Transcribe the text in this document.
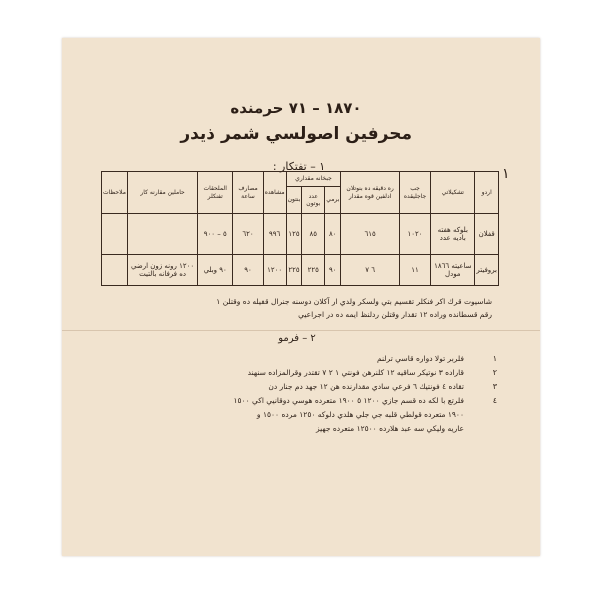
١٨٧٠ – ٧١ حرمنده
محرفين اصولسي شمر ذيدر
١
١ – تفتكار :
اردو	تشكيلاتي	جب جاجليقده	ره دقيقه ده بنوتلان ادلفين قوه مقدار	جبخانه مقداري			مشاهده	مصارف ساعة	الملحقات تفنكلر	حاملين مقارنه كار	ملاحظات
				برمي	عدد بوتون	بنتون					
قفلان	بلوكه هفته باديه عدد	١٠٢٠	٦١٥	٨٠	٨٥	١٢٥	٩٩٦	٦٢٠	٥ – ٩٠٠		
بروفيتر	ساعيته ١٨٦٦ مودل	١١	٦ ٧	٩٠	٢٢٥	٢٢٥	١٢٠٠	٩٠	٩٠ وبلي	١٢٠٠ رونه زون ارضي ده فرفانه بالتيت	
شاسيوت قرك اكر فنكلر تقسيم بتي ولسكر ولدي ار آكلان دوسنه جنرال قفيله ده وقتلن ١
رقم قسطانده وراده ١٢ تقدار وقتلن ردلنظ ايمه ده در اجراعيي
٢ – فرمو
١
فلربر تولا دواره قاسي ترلنم
٢
قاراده ٣ نوتيكر ساقيه ١٢ كلنرهن فونتي ١ ٢ ٧ تقتدر وقرالمزاده سنهند
٣
تقاده ٤ فونتيك ٦ فرعي سادي مقدارنده هن ١٢ جهد دم جنار دن
٤
فلرتع با لكه ده قسم جازي ١٢٠٠ ٥ ١٩٠٠ متعرده هوسي دوقانيي اكي ١٥٠٠
١٩٠٠ متعرده قولطي قلبه جي جلي هلدي دلوكه ١٢٥٠ مرده ١٥٠٠ و
عاريه وليكي سه عبد هلارده ١٢٥٠٠ متعرده جهيز
